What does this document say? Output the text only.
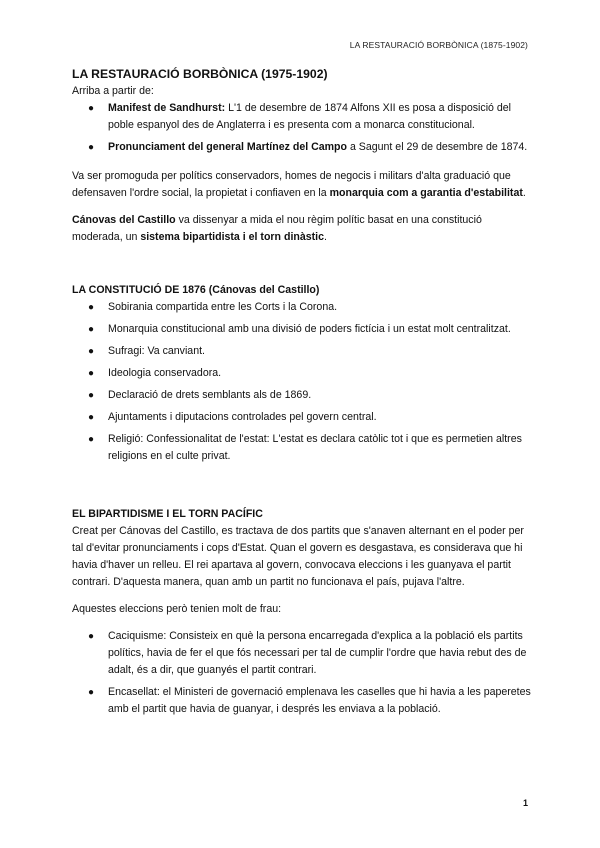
LA RESTAURACIÓ BORBÒNICA (1875-1902)
LA RESTAURACIÓ BORBÒNICA (1975-1902)

Arriba a partir de:

● Manifest de Sandhurst: L'1 de desembre de 1874 Alfons XII es posa a disposició del poble espanyol des de Anglaterra i es presenta com a monarca constitucional.
● Pronunciament del general Martínez del Campo a Sagunt el 29 de desembre de 1874.

Va ser promoguda per polítics conservadors, homes de negocis i militars d'alta graduació que defensaven l'ordre social, la propietat i confiaven en la monarquia com a garantia d'estabilitat.

Cánovas del Castillo va dissenyar a mida el nou règim polític basat en una constitució moderada, un sistema bipartidista i el torn dinàstic.

LA CONSTITUCIÓ DE 1876 (Cánovas del Castillo)
● Sobirania compartida entre les Corts i la Corona.
● Monarquia constitucional amb una divisió de poders fictícia i un estat molt centralitzat.
● Sufragi: Va canviant.
● Ideologia conservadora.
● Declaració de drets semblants als de 1869.
● Ajuntaments i diputacions controlades pel govern central.
● Religió: Confessionalitat de l'estat: L'estat es declara catòlic tot i que es permetien altres religions en el culte privat.
EL BIPARTIDISME I EL TORN PACÍFIC

Creat per Cánovas del Castillo, es tractava de dos partits que s'anaven alternant en el poder per tal d'evitar pronunciaments i cops d'Estat. Quan el govern es desgastava, es considerava que hi havia d'haver un relleu. El rei apartava al govern, convocava eleccions i les guanyava el partit contrari. D'aquesta manera, quan amb un partit no funcionava el país, pujava l'altre.

Aquestes eleccions però tenien molt de frau:

● Caciquisme: Consisteix en què la persona encarregada d'explica a la població els partits polítics, havia de fer el que fós necessari per tal de cumplir l'ordre que havia rebut des de adalt, és a dir, que guanyés el partit contrari.
● Encasellat: el Ministeri de governació emplenava les caselles que hi havia a les paperetes amb el partit que havia de guanyar, i després les enviava a la població.
1
